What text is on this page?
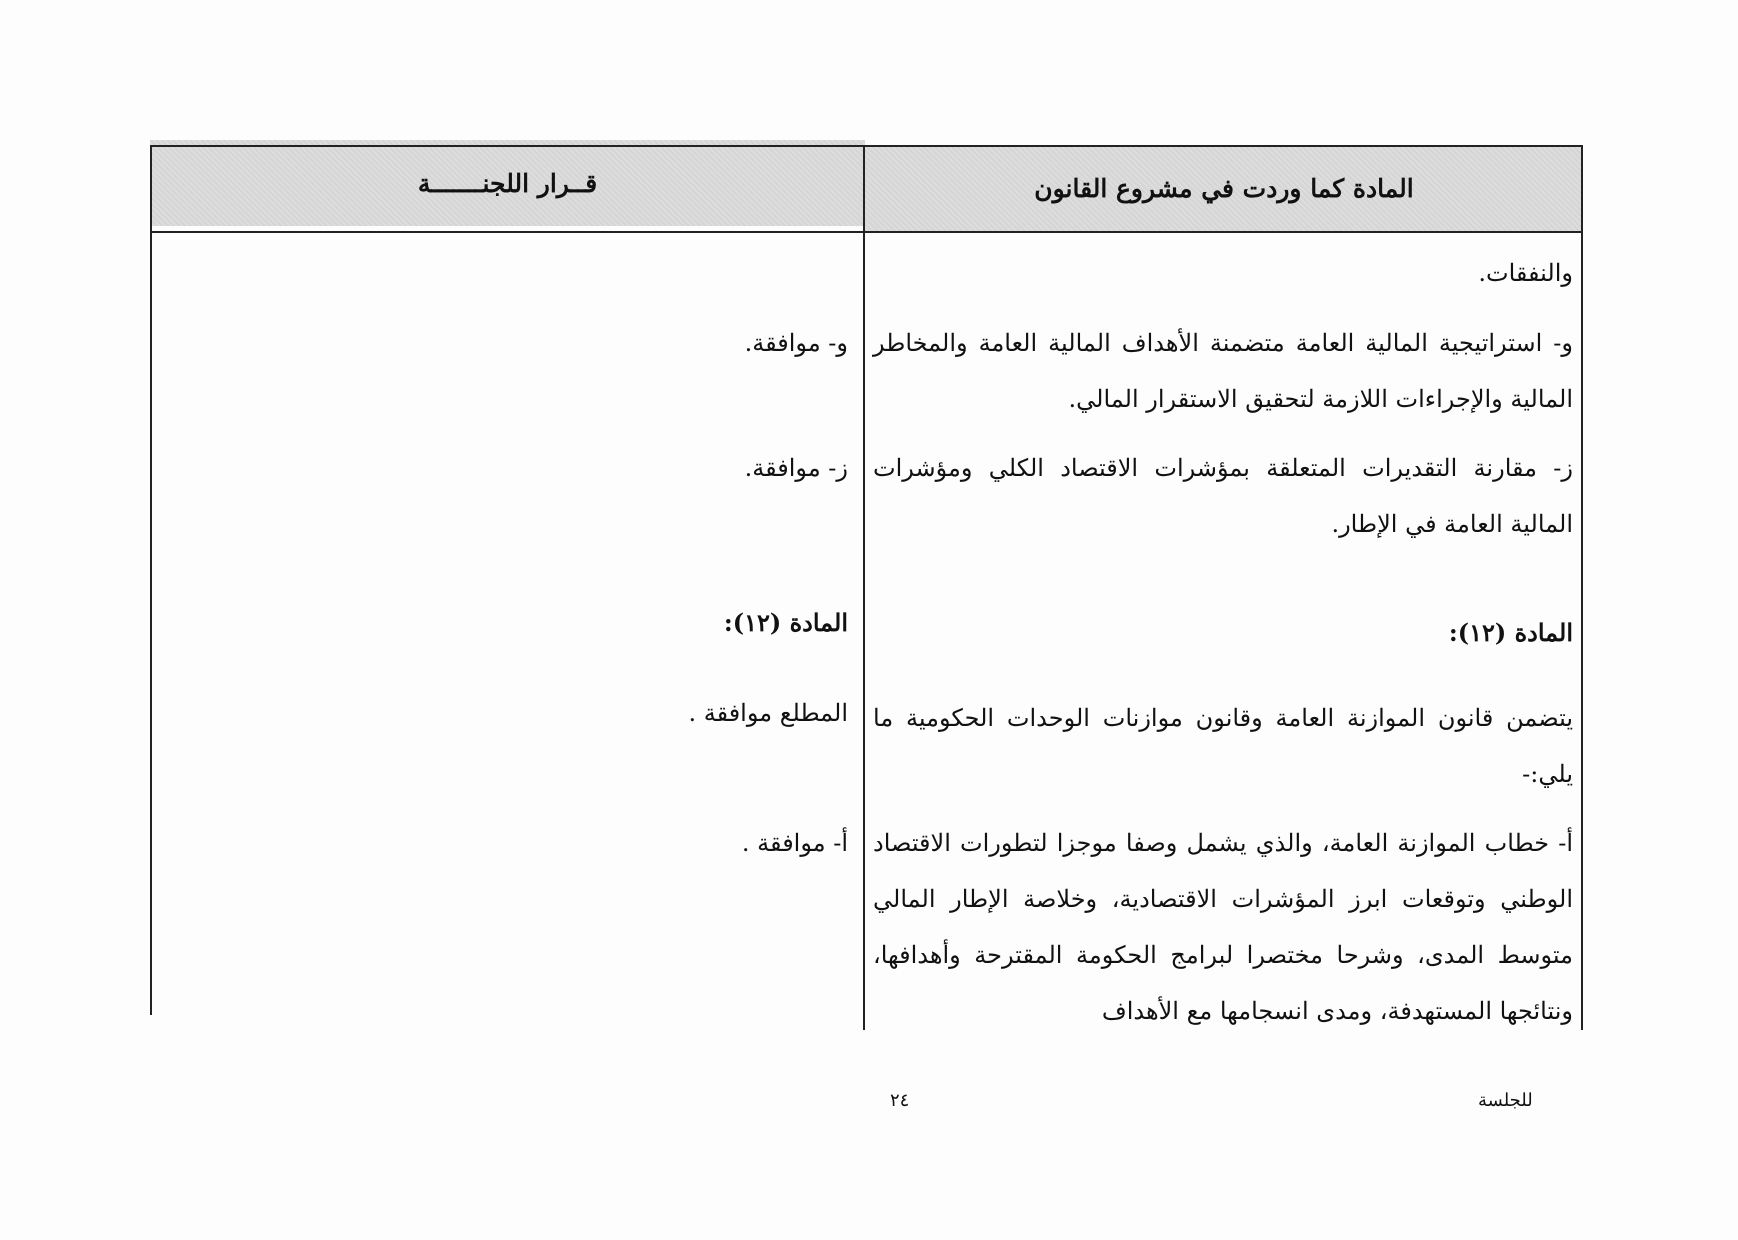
المادة كما وردت في مشروع القانون
قــرار اللجنـــــــة
والنفقات.
و- استراتيجية المالية العامة متضمنة الأهداف المالية العامة والمخاطر المالية والإجراءات اللازمة لتحقيق الاستقرار المالي.
ز- مقارنة التقديرات المتعلقة بمؤشرات الاقتصاد الكلي ومؤشرات المالية العامة في الإطار.
المادة (١٢):
يتضمن قانون الموازنة العامة وقانون موازنات الوحدات الحكومية ما يلي:-
أ- خطاب الموازنة العامة، والذي يشمل وصفا موجزا لتطورات الاقتصاد الوطني وتوقعات ابرز المؤشرات الاقتصادية، وخلاصة الإطار المالي متوسط المدى، وشرحا مختصرا لبرامج الحكومة المقترحة وأهدافها، ونتائجها المستهدفة، ومدى انسجامها مع الأهداف
و- موافقة.
ز- موافقة.
المادة (١٢):
المطلع موافقة .
أ- موافقة .
٢٤	للجلسة
